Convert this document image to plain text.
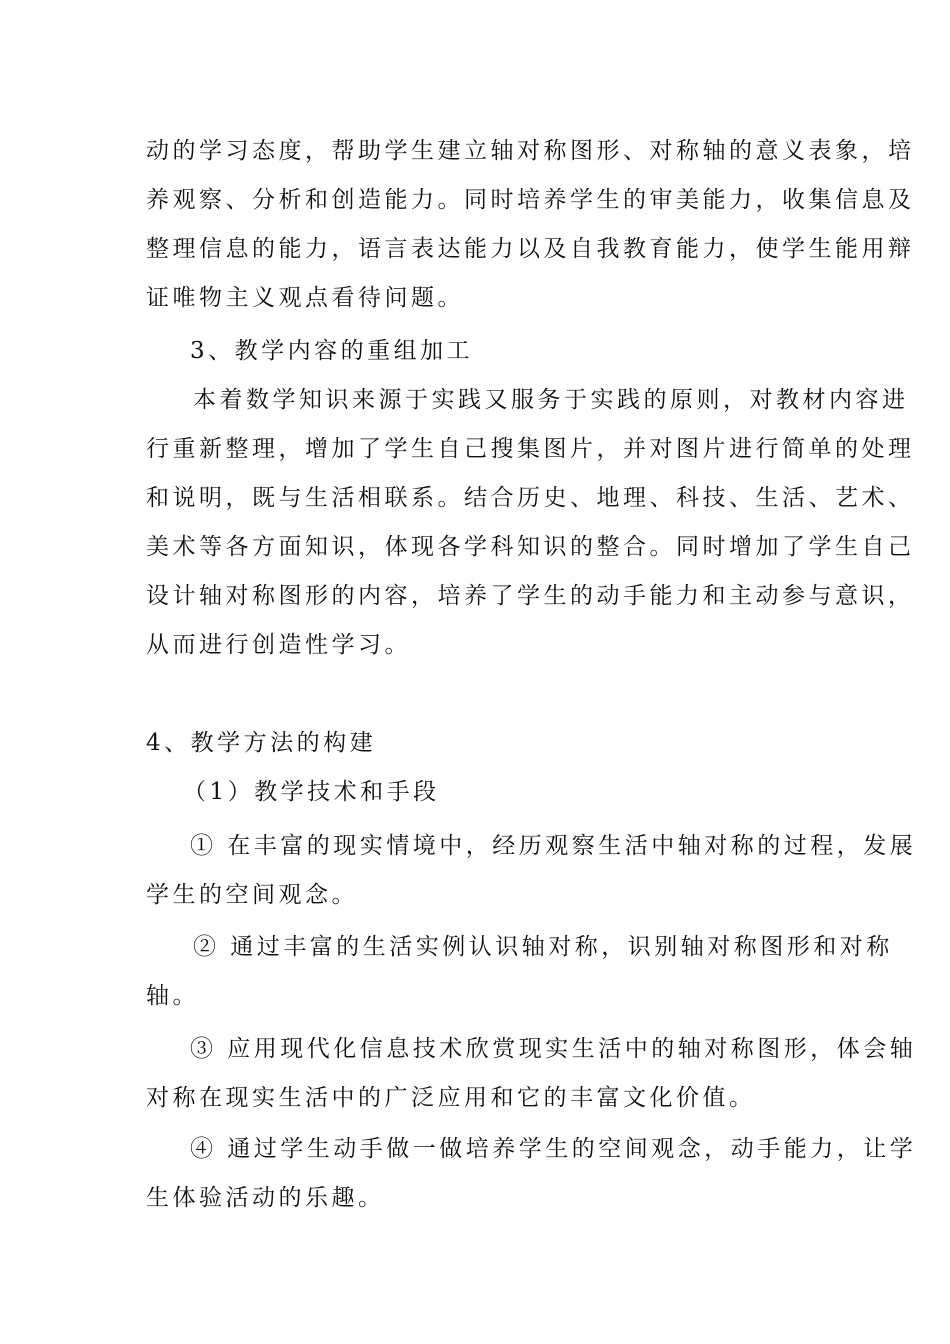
动的学习态度，帮助学生建立轴对称图形、对称轴的意义表象，培
养观察、分析和创造能力。同时培养学生的审美能力，收集信息及
整理信息的能力，语言表达能力以及自我教育能力，使学生能用辩
证唯物主义观点看待问题。
3、教学内容的重组加工
本着数学知识来源于实践又服务于实践的原则，对教材内容进
行重新整理，增加了学生自己搜集图片，并对图片进行简单的处理
和说明，既与生活相联系。结合历史、地理、科技、生活、艺术、
美术等各方面知识，体现各学科知识的整合。同时增加了学生自己
设计轴对称图形的内容，培养了学生的动手能力和主动参与意识，
从而进行创造性学习。
4、教学方法的构建
（1）教学技术和手段
① 在丰富的现实情境中，经历观察生活中轴对称的过程，发展
学生的空间观念。
② 通过丰富的生活实例认识轴对称，识别轴对称图形和对称
轴。
③ 应用现代化信息技术欣赏现实生活中的轴对称图形，体会轴
对称在现实生活中的广泛应用和它的丰富文化价值。
④ 通过学生动手做一做培养学生的空间观念，动手能力，让学
生体验活动的乐趣。
